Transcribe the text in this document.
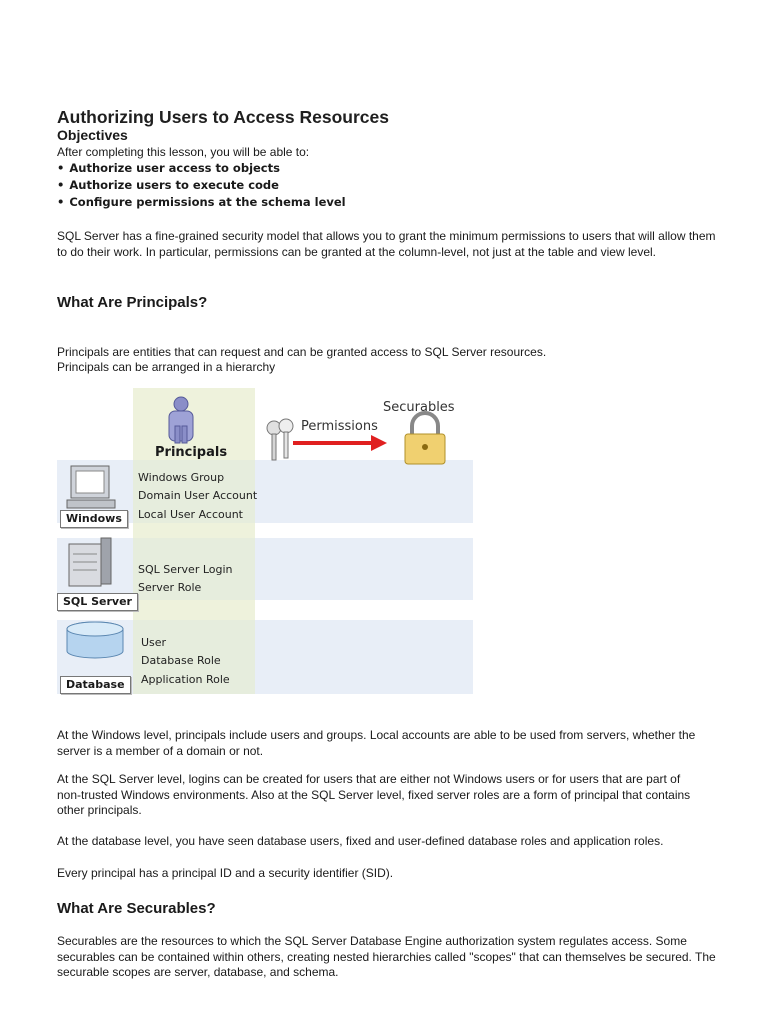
Authorizing Users to Access Resources
Objectives

After completing this lesson, you will be able to:

• Authorize user access to objects
• Authorize users to execute code
• Configure permissions at the schema level

SQL Server has a fine-grained security model that allows you to grant the minimum permissions to users that will allow them to do their work. In particular, permissions can be granted at the column-level, not just at the table and view level.

What Are Principals?

Principals are entities that can request and can be granted access to SQL Server resources.

Principals can be arranged in a hierarchy

At the Windows level, principals include users and groups. Local accounts are able to be used from servers, whether the server is a member of a domain or not.

At the SQL Server level, logins can be created for users that are either not Windows users or for users that are part of non-trusted Windows environments. Also at the SQL Server level, fixed server roles are a form of principal that contains other principals.

At the database level, you have seen database users, fixed and user-defined database roles and application roles.

Every principal has a principal ID and a security identifier (SID).

What Are Securables?

Securables are the resources to which the SQL Server Database Engine authorization system regulates access. Some securables can be contained within others, creating nested hierarchies called "scopes" that can themselves be secured. The securable scopes are server, database, and schema.

Principals
Permissions
Securables
Windows Group
Domain User Account
Local User Account
Windows
SQL Server Login
Server Role
SQL Server
User
Database Role
Application Role
Database
